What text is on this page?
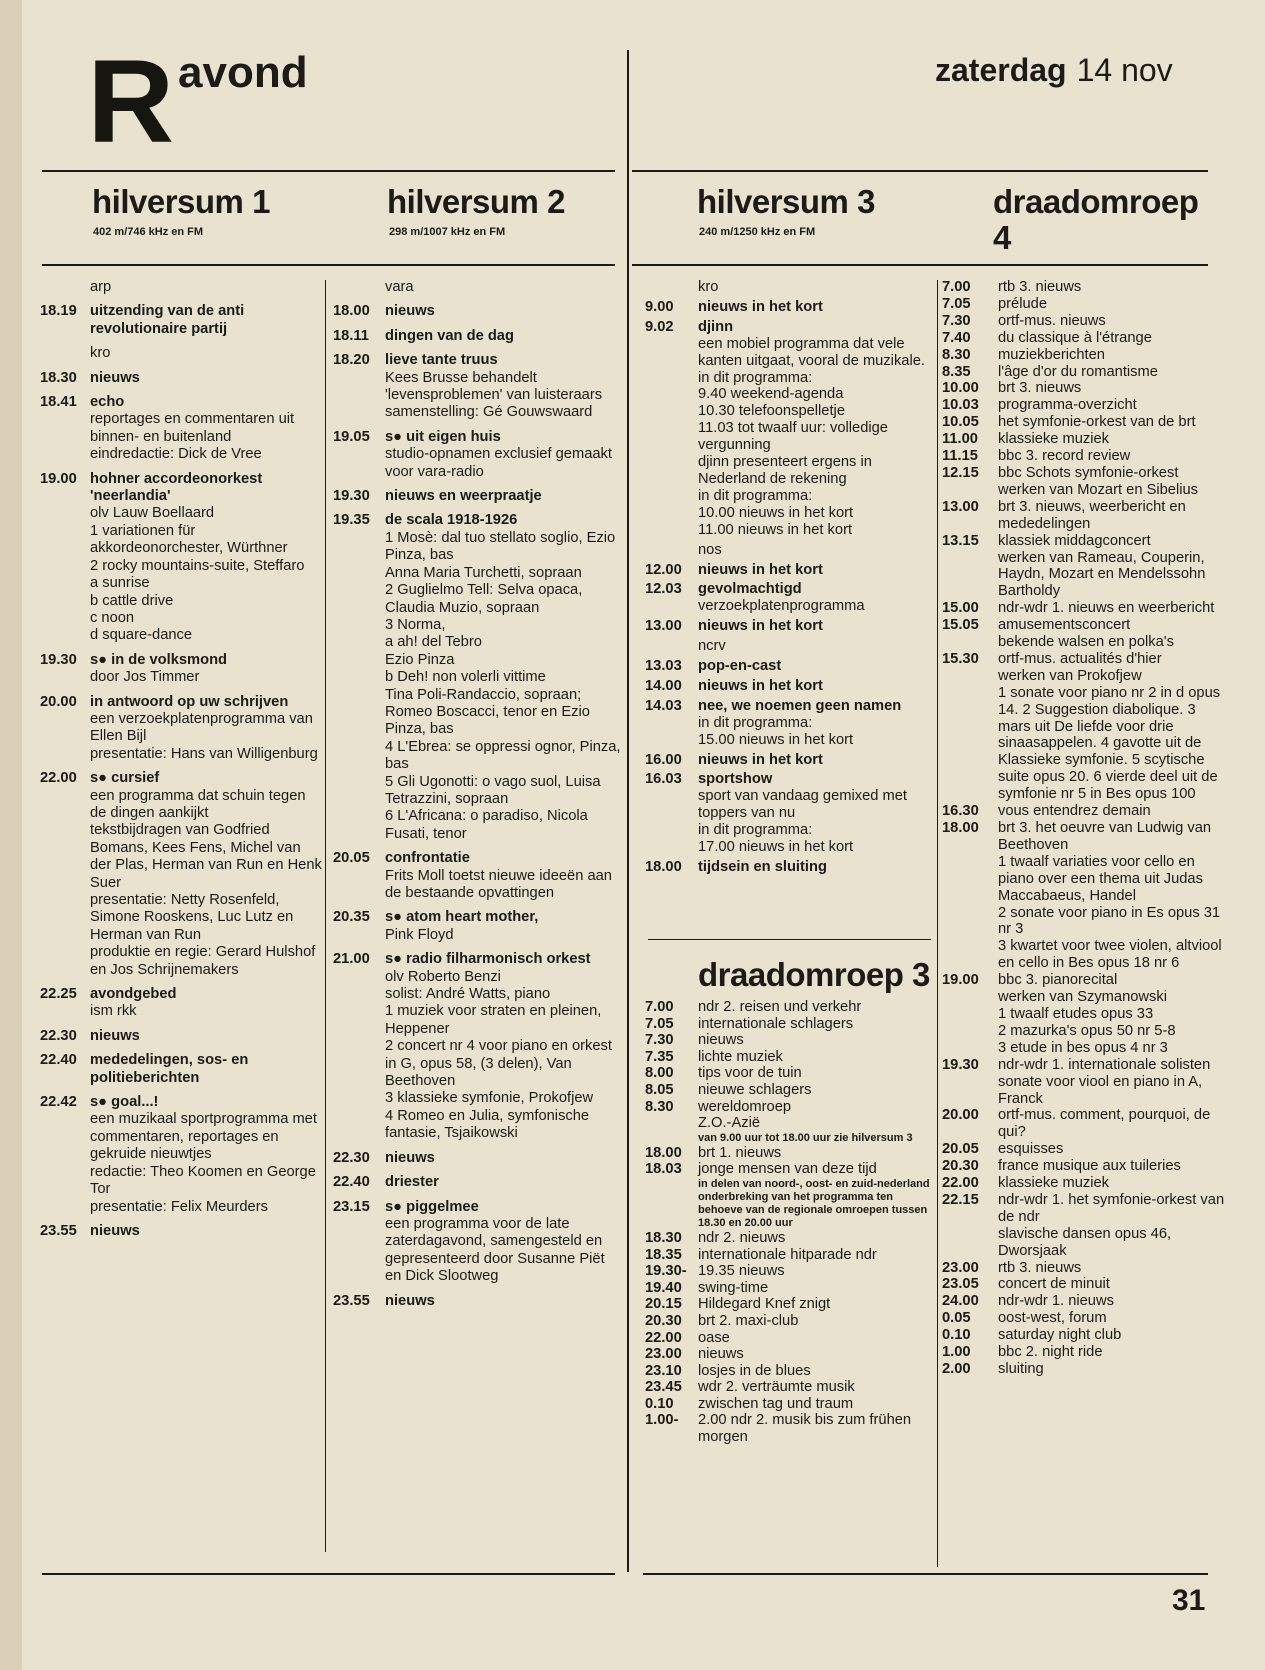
R avond	zaterdag 14 nov
hilversum 1
402 m/746 kHz en FM
hilversum 2
298 m/1007 kHz en FM
hilversum 3
240 m/1250 kHz en FM
draadomroep 4
arp
18.19 uitzending van de anti revolutionaire partij
kro
18.30 nieuws
18.41 echo
reportages en commentaren uit binnen- en buitenland
eindredactie: Dick de Vree
19.00 hohner accordeonorkest 'neerlandia'
olv Lauw Boellaard
1 variationen für akkordeonorchester, Würthner
2 rocky mountains-suite, Steffaro
a sunrise
b cattle drive
c noon
d square-dance
19.30 s● in de volksmond
door Jos Timmer
20.00 in antwoord op uw schrijven
een verzoekplatenprogramma van Ellen Bijl
presentatie: Hans van Willigenburg
22.00 s● cursief
een programma dat schuin tegen de dingen aankijkt
tekstbijdragen van Godfried Bomans, Kees Fens, Michel van der Plas, Herman van Run en Henk Suer
presentatie: Netty Rosenfeld, Simone Rooskens, Luc Lutz en Herman van Run
produktie en regie: Gerard Hulshof en Jos Schrijnemakers
22.25 avondgebed
ism rkk
22.30 nieuws
22.40 mededelingen, sos- en politieberichten
22.42 s● goal...!
een muzikaal sportprogramma met commentaren, reportages en gekruide nieuwtjes
redactie: Theo Koomen en George Tor
presentatie: Felix Meurders
23.55 nieuws
vara
18.00	nieuws
18.11	dingen van de dag
18.20	lieve tante truus
Kees Brusse behandelt 'levensproblemen' van luisteraars
samenstelling: Gé Gouwswaard
19.05	s● uit eigen huis
studio-opnamen exclusief gemaakt voor vara-radio
19.30	nieuws en weerpraatje
19.35	de scala 1918-1926
1 Mosè: dal tuo stellato soglio, Ezio Pinza, bas
Anna Maria Turchetti, sopraan
2 Guglielmo Tell: Selva opaca, Claudia Muzio, sopraan
3 Norma,
a ah! del Tebro
Ezio Pinza
b Deh! non volerli vittime
Tina Poli-Randaccio, sopraan; Romeo Boscacci, tenor en Ezio Pinza, bas
4 L'Ebrea: se oppressi ognor, Pinza, bas
5 Gli Ugonotti: o vago suol, Luisa Tetrazzini, sopraan
6 L'Africana: o paradiso, Nicola Fusati, tenor
20.05	confrontatie
Frits Moll toetst nieuwe ideeën aan de bestaande opvattingen
20.35	s● atom heart mother,
Pink Floyd
21.00	s● radio filharmonisch orkest
olv Roberto Benzi
solist: André Watts, piano
1 muziek voor straten en pleinen, Heppener
2 concert nr 4 voor piano en orkest in G, opus 58, (3 delen), Van Beethoven
3 klassieke symfonie, Prokofjew
4 Romeo en Julia, symfonische fantasie, Tsjaikowski
22.30	nieuws
22.40	driester
23.15	s● piggelmee
een programma voor de late zaterdagavond, samengesteld en gepresenteerd door Susanne Piët en Dick Slootweg
23.55	nieuws
kro
9.00	nieuws in het kort
9.02	djinn
een mobiel programma dat vele kanten uitgaat, vooral de muzikale.
in dit programma:
9.40 weekend-agenda
10.30 telefoonspelletje
11.03 tot twaalf uur: volledige vergunning
djinn presenteert ergens in Nederland de rekening
in dit programma:
10.00 nieuws in het kort
11.00 nieuws in het kort
nos
12.00	nieuws in het kort
12.03	gevolmachtigd
verzoekplatenprogramma
13.00	nieuws in het kort
ncrv
13.03	pop-en-cast
14.00	nieuws in het kort
14.03	nee, we noemen geen namen
in dit programma:
15.00 nieuws in het kort
16.00	nieuws in het kort
16.03	sportshow
sport van vandaag gemixed met toppers van nu
in dit programma:
17.00 nieuws in het kort
18.00	tijdsein en sluiting
draadomroep 3
7.00	ndr 2. reisen und verkehr
7.05	internationale schlagers
7.30	nieuws
7.35	lichte muziek
8.00	tips voor de tuin
8.05	nieuwe schlagers
8.30	wereldomroep
Z.O.-Azië
van 9.00 uur tot 18.00 uur zie hilversum 3
18.00	brt 1. nieuws
18.03	jonge mensen van deze tijd
in delen van noord-, oost- en zuid-nederland onderbreking van het programma ten behoeve van de regionale omroepen tussen 18.30 en 20.00 uur
18.30	ndr 2. nieuws
18.35	internationale hitparade ndr
19.30- 19.35 nieuws
19.40	swing-time
20.15	Hildegard Knef znigt
20.30	brt 2. maxi-club
22.00	oase
23.00	nieuws
23.10	losjes in de blues
23.45	wdr 2. verträumte musik
0.10	zwischen tag und traum
1.00-	2.00 ndr 2. musik bis zum frühen morgen
7.00	rtb 3. nieuws
7.05	prélude
7.30	ortf-mus. nieuws
7.40	du classique à l'étrange
8.30	muziekberichten
8.35	l'âge d'or du romantisme
10.00	brt 3. nieuws
10.03	programma-overzicht
10.05	het symfonie-orkest van de brt
11.00	klassieke muziek
11.15	bbc 3. record review
12.15	bbc Schots symfonie-orkest
werken van Mozart en Sibelius
13.00	brt 3. nieuws, weerbericht en mededelingen
13.15	klassiek middagconcert
werken van Rameau, Couperin, Haydn, Mozart en Mendelssohn Bartholdy
15.00	ndr-wdr 1. nieuws en weerbericht
15.05	amusementsconcert
bekende walsen en polka's
15.30	ortf-mus. actualités d'hier
werken van Prokofjew
1 sonate voor piano nr 2 in d opus 14. 2 Suggestion diabolique. 3 mars uit De liefde voor drie sinaasappelen. 4 gavotte uit de Klassieke symfonie. 5 scytische suite opus 20. 6 vierde deel uit de symfonie nr 5 in Bes opus 100
16.30	vous entendrez demain
18.00	brt 3. het oeuvre van Ludwig van Beethoven
1 twaalf variaties voor cello en piano over een thema uit Judas Maccabaeus, Handel
2 sonate voor piano in Es opus 31 nr 3
3 kwartet voor twee violen, altviool en cello in Bes opus 18 nr 6
19.00	bbc 3. pianorecital
werken van Szymanowski
1 twaalf etudes opus 33
2 mazurka's opus 50 nr 5-8
3 etude in bes opus 4 nr 3
19.30	ndr-wdr 1. internationale solisten
sonate voor viool en piano in A, Franck
20.00	ortf-mus. comment, pourquoi, de qui?
20.05	esquisses
20.30	france musique aux tuileries
22.00	klassieke muziek
22.15	ndr-wdr 1. het symfonie-orkest van de ndr
slavische dansen opus 46, Dworsjaak
23.00	rtb 3. nieuws
23.05	concert de minuit
24.00	ndr-wdr 1. nieuws
0.05	oost-west, forum
0.10	saturday night club
1.00	bbc 2. night ride
2.00	sluiting
31
